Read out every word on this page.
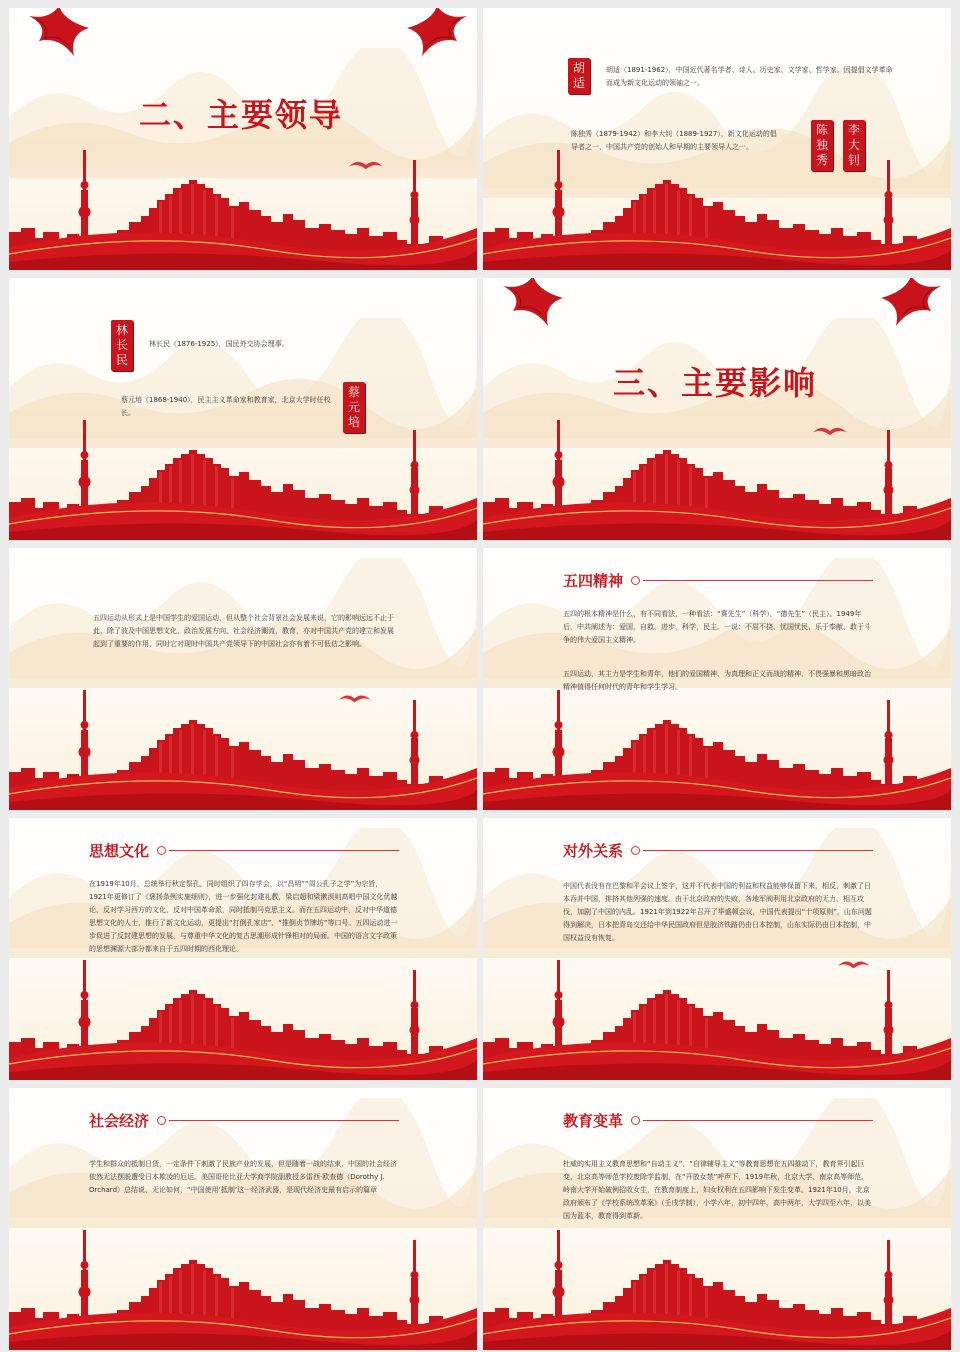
二、主要领导
胡适
胡适（1891-1962），中国近代著名学者、诗人、历史家、文学家、哲学家。因提倡文学革命而成为新文化运动的领袖之一。
陈独秀（1879-1942）和李大钊（1889-1927），新文化运动的倡导者之一，中国共产党的创始人和早期的主要领导人之一。
陈独秀
李大钊
林长民
林长民（1876-1925），国民外交协会理事。
蔡元培（1868-1940），民主主义革命家和教育家，北京大学时任校长。
蔡元培
三、主要影响
五四运动从形式上是中国学生的爱国运动，但从整个社会背景社会发展来说，它的影响远远不止于此，除了波及中国思想文化，政治发展方向，社会经济潮流，教育，亦对中国共产党的建立和发展起到了重要的作用，同时它对现时中国共产党领导下的中国社会亦有着不可低估之影响。
五四精神
五四的根本精神是什么，有不同看法，一种看法：“赛先生”（科学），“德先生”（民主）。1949年后，中共阐述为：爱国，自救，进步，科学，民主。一说：不屈不挠、忧国忧民、乐于奉献、敢于斗争的伟大爱国主义精神。
五四运动，其主力是学生和青年，他们的爱国精神、为真理和正义而战的精神、不畏强暴和黑暗政治精神值得任何时代的青年和学生学习。
思想文化
在1919年10月，总统举行秋定祭孔，同时组织了四存学会，以“昌明”“周公孔子之学”为宗旨，1921年更修订了《褒扬条例实施细则》，进一步强化封建礼教，梁启超和梁漱溟则高唱中国文化优越论，反对学习西方的文化，反对中国革命派，同时抵制马克思主义。而在五四运动中，反对中华道德思想文化的人士，推行了新文化运动，更提出“打倒孔家店”、“推倒贞节牌坊”等口号。五四运动进一步促进了反封建思想的发展，与尊重中华文化的复古思潮形成针锋相对的局面。中国的语言文字政策的思想渊源大部分都来自于五四时期的西化理论。
对外关系
中国代表没有在巴黎和平会议上签字，这并不代表中国的利益和权益能够保留下来，相反，刺激了日本吞并中国，排挤其他列强的速度。由于北京政府的失败，各地军阀利用北京政府的无力，相互攻伐，加剧了中国的内乱。1921年到1922年召开了华盛顿会议，中国代表提出“十项原则”，山东问题得到解决，日本把青岛交还给中华民国政府但是胶济铁路仍由日本控制，山东实际仍由日本控制，中国权益没有恢复。
社会经济
学生和群众的抵制日货，一定条件下刺激了民族产业的发展，但是随着一战的结束，中国的社会经济依然无法摆脱遭受日本欺凌的厄运。美国哥伦比亚大学商学院副教授多雷西·欧查德（Dorothy J. Orchard）总结说，无论如何，“中国使用‘抵制’这一经济武器，是现代经济史最有启示的篇章
教育变革
杜威的实用主义教育思想和“自动主义”、“自律辅导主义”等教育思想在五四推动下，教育界引起巨变，北京高等师范学校废除学监制，在“开放女禁”呼声下，1919年秋，北京大学、南京高等师范、岭南大学开始破例招收女生，在教育制度上，妇女权利在五四影响下发生变革。1921年10月，北京政府颁布了《学校系统改革案》（壬戌学制），小学六年，初中四年，高中两年，大学四至六年，以美国为蓝本，教育得到革新。
